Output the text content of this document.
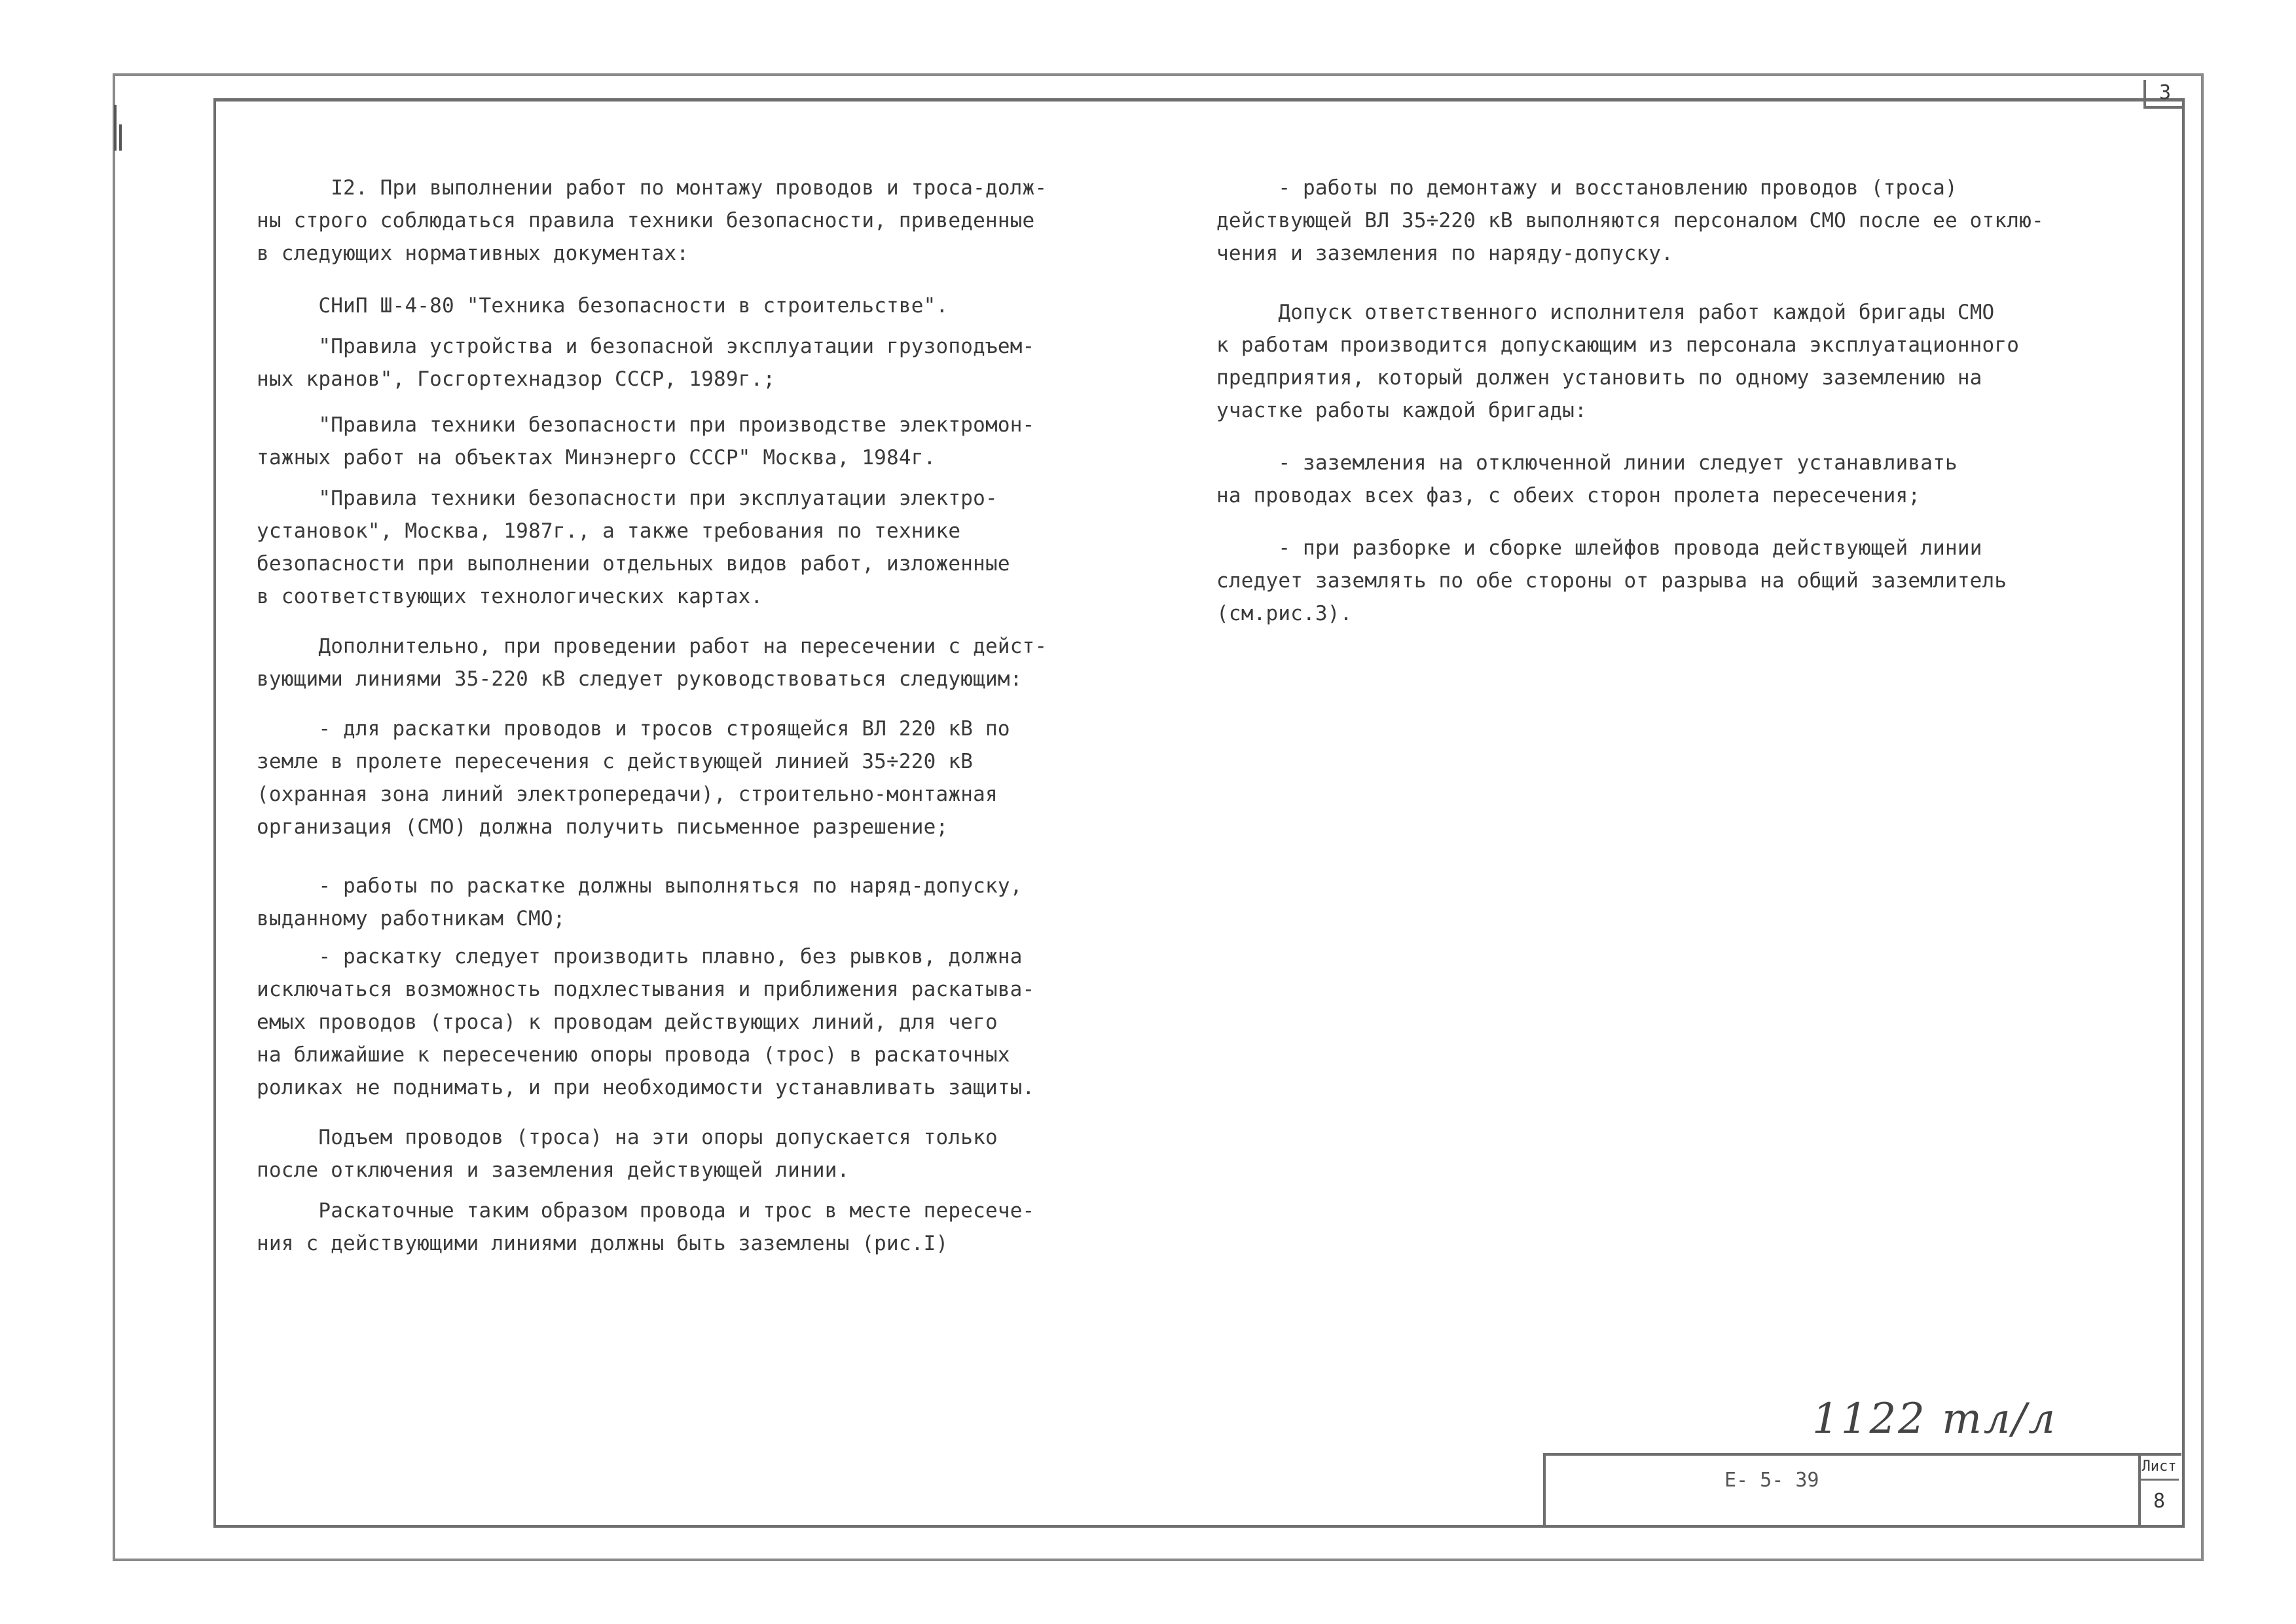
3

I2. При выполнении работ по монтажу проводов и троса-долж-
ны строго соблюдаться правила техники безопасности, приведенные
в следующих нормативных документах:

СНиП Ш-4-80 "Техника безопасности в строительстве".

"Правила устройства и безопасной эксплуатации грузоподъем-
ных кранов", Госгортехнадзор СССР, 1989г.;

"Правила техники безопасности при производстве электромон-
тажных работ на объектах Минэнерго СССР" Москва, 1984г.

"Правила техники безопасности при эксплуатации электро-
установок", Москва, 1987г., а также требования по технике
безопасности при выполнении отдельных видов работ, изложенные
в соответствующих технологических картах.

Дополнительно, при проведении работ на пересечении с дейст-
вующими линиями 35-220 кВ следует руководствоваться следующим:

- для раскатки проводов и тросов строящейся ВЛ 220 кВ по
земле в пролете пересечения с действующей линией 35÷220 кВ
(охранная зона линий электропередачи), строительно-монтажная
организация (СМО) должна получить письменное разрешение;

- работы по раскатке должны выполняться по наряд-допуску,
выданному работникам СМО;

- раскатку следует производить плавно, без рывков, должна
исключаться возможность подхлестывания и приближения раскатыва-
емых проводов (троса) к проводам действующих линий, для чего
на ближайшие к пересечению опоры провода (трос) в раскаточных
роликах не поднимать, и при необходимости устанавливать защиты.

Подъем проводов (троса) на эти опоры допускается только
после отключения и заземления действующей линии.

Раскаточные таким образом провода и трос в месте пересече-
ния с действующими линиями должны быть заземлены (рис.I)

- работы по демонтажу и восстановлению проводов (троса)
действующей ВЛ 35÷220 кВ выполняются персоналом СМО после ее отклю-
чения и заземления по наряду-допуску.

Допуск ответственного исполнителя работ каждой бригады СМО
к работам производится допускающим из персонала эксплуатационного
предприятия, который должен установить по одному заземлению на
участке работы каждой бригады:

- заземления на отключенной линии следует устанавливать
на проводах всех фаз, с обеих сторон пролета пересечения;

- при разборке и сборке шлейфов провода действующей линии
следует заземлять по обе стороны от разрыва на общий заземлитель
(см.рис.3).

1122 тл/л
Е- 5- 39
Лист
8
